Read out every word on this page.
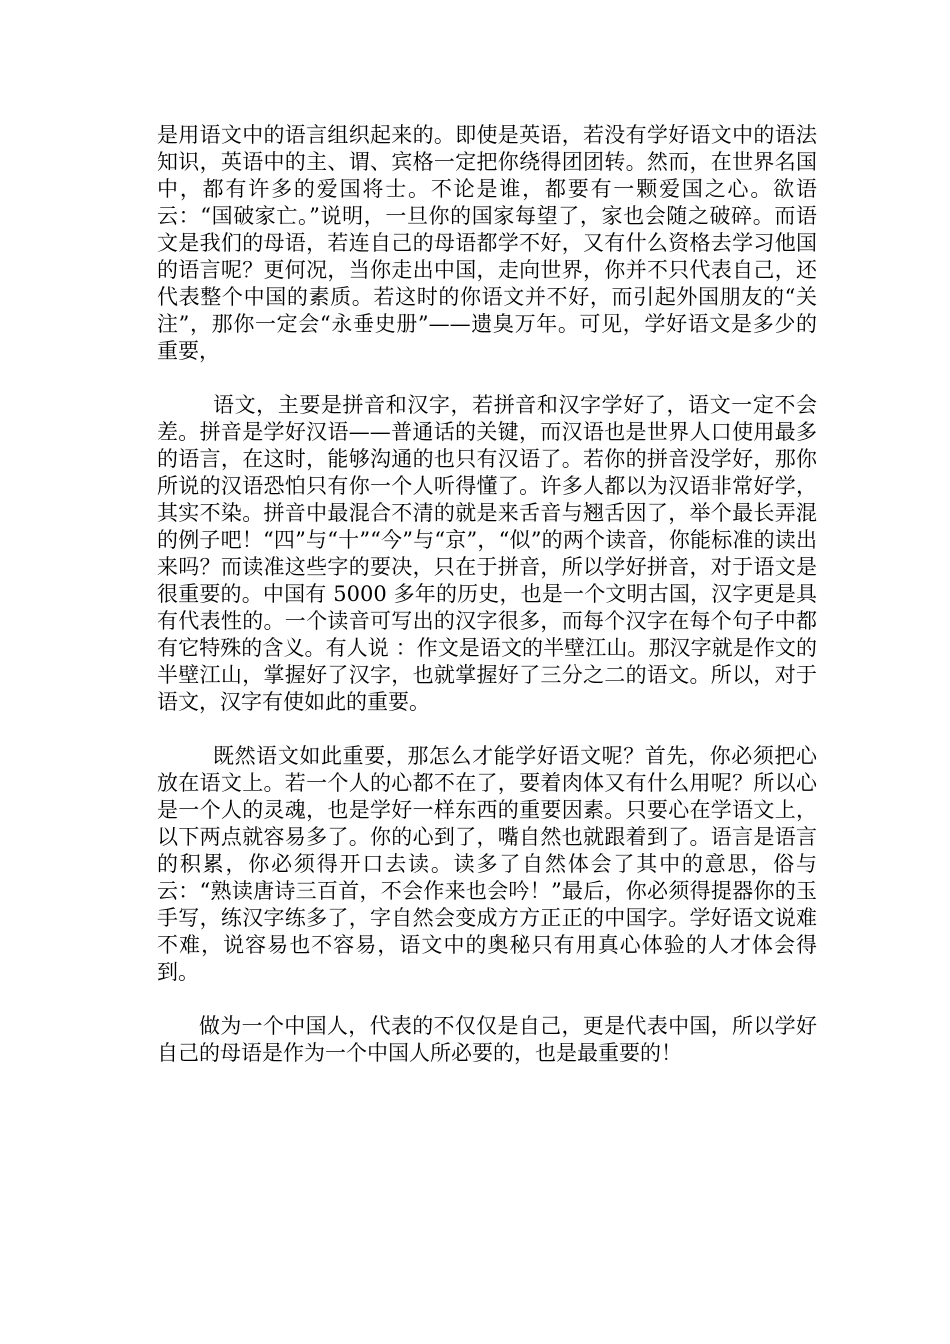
是用语文中的语言组织起来的。即使是英语，若没有学好语文中的语法知识，英语中的主、谓、宾格一定把你绕得团团转。然而，在世界名国中，都有许多的爱国将士。不论是谁，都要有一颗爱国之心。欲语云：“国破家亡。”说明，一旦你的国家每望了，家也会随之破碎。而语文是我们的母语，若连自己的母语都学不好，又有什么资格去学习他国的语言呢？更何况，当你走出中国，走向世界，你并不只代表自己，还代表整个中国的素质。若这时的你语文并不好，而引起外国朋友的“关注”，那你一定会“永垂史册”——遗臭万年。可见，学好语文是多少的重要，

语文，主要是拼音和汉字，若拼音和汉字学好了，语文一定不会差。拼音是学好汉语——普通话的关键，而汉语也是世界人口使用最多的语言，在这时，能够沟通的也只有汉语了。若你的拼音没学好，那你所说的汉语恐怕只有你一个人听得懂了。许多人都以为汉语非常好学，其实不染。拼音中最混合不清的就是来舌音与翘舌因了，举个最长弄混的例子吧！“四”与“十”“今”与“京”，“似”的两个读音，你能标准的读出来吗？而读准这些字的要决，只在于拼音，所以学好拼音，对于语文是很重要的。中国有 5000 多年的历史，也是一个文明古国，汉字更是具有代表性的。一个读音可写出的汉字很多，而每个汉字在每个句子中都有它特殊的含义。有人说 ：作文是语文的半壁江山。那汉字就是作文的半壁江山，掌握好了汉字，也就掌握好了三分之二的语文。所以，对于语文，汉字有使如此的重要。

既然语文如此重要，那怎么才能学好语文呢？首先，你必须把心放在语文上。若一个人的心都不在了，要着肉体又有什么用呢？所以心是一个人的灵魂，也是学好一样东西的重要因素。只要心在学语文上，以下两点就容易多了。你的心到了，嘴自然也就跟着到了。语言是语言的积累，你必须得开口去读。读多了自然体会了其中的意思，俗与云：“熟读唐诗三百首，不会作来也会吟！”最后，你必须得提器你的玉手写，练汉字练多了，字自然会变成方方正正的中国字。学好语文说难不难，说容易也不容易，语文中的奥秘只有用真心体验的人才体会得到。

做为一个中国人，代表的不仅仅是自己，更是代表中国，所以学好自己的母语是作为一个中国人所必要的，也是最重要的！
